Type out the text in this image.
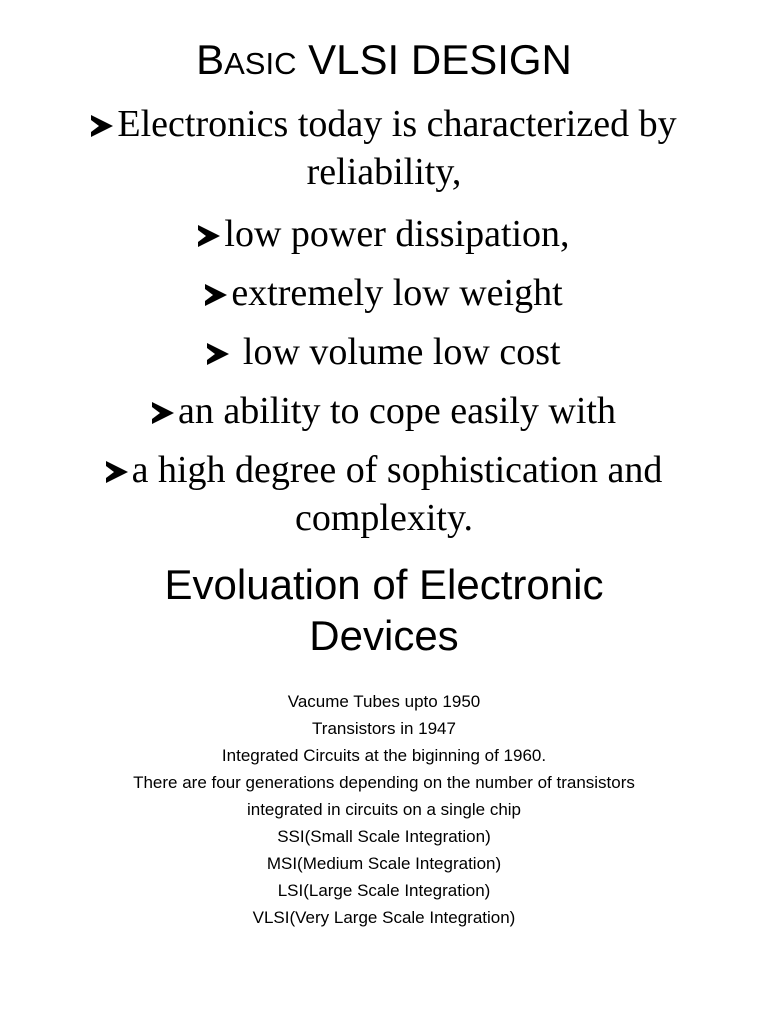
BASIC VLSI DESIGN
Electronics today is characterized by
reliability,
low power dissipation,
extremely low weight
low volume low cost
an ability to cope easily with
a high degree of sophistication and
complexity.
Evoluation of Electronic
Devices
Vacume Tubes upto 1950
Transistors in 1947
Integrated Circuits at the biginning of 1960.
There are four generations depending on the number of transistors
integrated in circuits on a single chip
SSI(Small Scale Integration)
MSI(Medium Scale Integration)
LSI(Large Scale Integration)
VLSI(Very Large Scale Integration)
